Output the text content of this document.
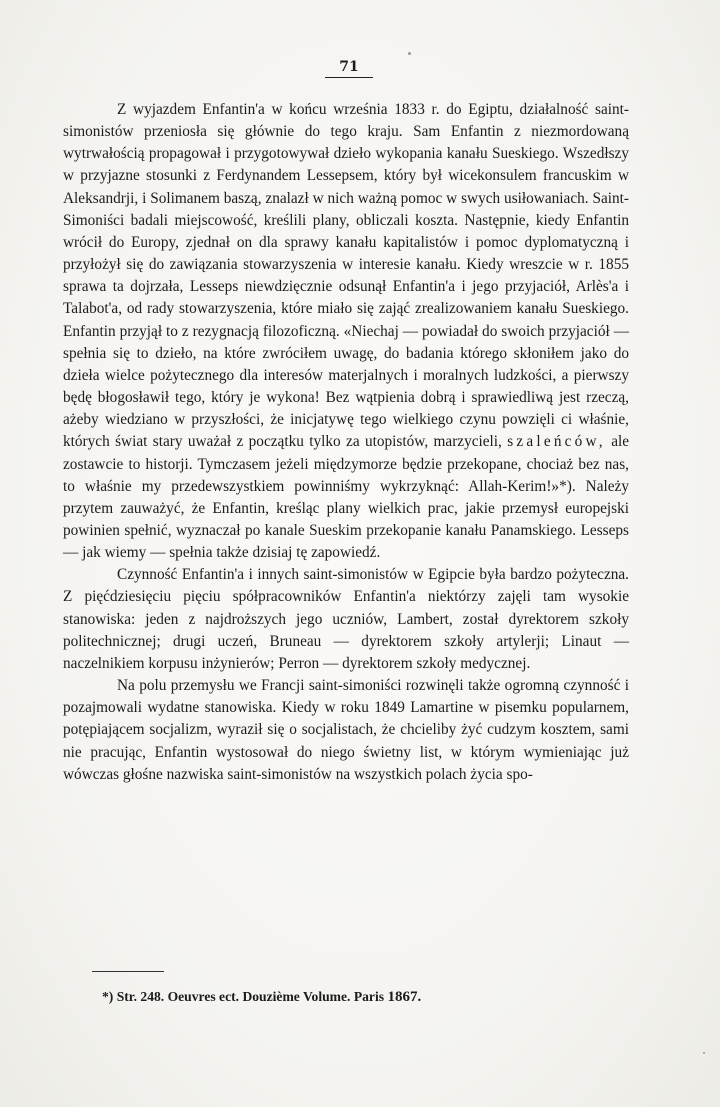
71

Z wyjazdem Enfantin'a w końcu września 1833 r. do Egiptu, działalność saint-simonistów przeniosła się głównie do tego kraju. Sam Enfantin z niezmordowaną wytrwałością propagował i przygotowywał dzieło wykopania kanału Sueskiego. Wszedłszy w przyjazne stosunki z Ferdynandem Lessepsem, który był wicekonsulem francuskim w Aleksandrji, i Solimanem baszą, znalazł w nich ważną pomoc w swych usiłowaniach. Saint-Simoniści badali miejscowość, kreślili plany, obliczali koszta. Następnie, kiedy Enfantin wrócił do Europy, zjednał on dla sprawy kanału kapitalistów i pomoc dyplomatyczną i przyłożył się do zawiązania stowarzyszenia w interesie kanału. Kiedy wreszcie w r. 1855 sprawa ta dojrzała, Lesseps niewdzięcznie odsunął Enfantin'a i jego przyjaciół, Arlès'a i Talabot'a, od rady stowarzyszenia, które miało się zająć zrealizowaniem kanału Sueskiego. Enfantin przyjął to z rezygnacją filozoficzną. «Niechaj — powiadał do swoich przyjaciół — spełnia się to dzieło, na które zwróciłem uwagę, do badania którego skłoniłem jako do dzieła wielce pożytecznego dla interesów materjalnych i moralnych ludzkości, a pierwszy będę błogosławił tego, który je wykona! Bez wątpienia dobrą i sprawiedliwą jest rzeczą, ażeby wiedziano w przyszłości, że inicjatywę tego wielkiego czynu powzięli ci właśnie, których świat stary uważał z początku tylko za utopistów, marzycieli, szaleńców, ale zostawcie to historji. Tymczasem jeżeli międzymorze będzie przekopane, chociaż bez nas, to właśnie my przedewszystkiem powinniśmy wykrzyknąć: Allah-Kerim!»*). Należy przytem zauważyć, że Enfantin, kreśląc plany wielkich prac, jakie przemysł europejski powinien spełnić, wyznaczał po kanale Sueskim przekopanie kanału Panamskiego. Lesseps — jak wiemy — spełnia także dzisiaj tę zapowiedź.

Czynność Enfantin'a i innych saint-simonistów w Egipcie była bardzo pożyteczna. Z pięćdziesięciu pięciu spółpracowników Enfantin'a niektórzy zajęli tam wysokie stanowiska: jeden z najdroższych jego uczniów, Lambert, został dyrektorem szkoły politechnicznej; drugi uczeń, Bruneau — dyrektorem szkoły artylerji; Linaut — naczelnikiem korpusu inżynierów; Perron — dyrektorem szkoły medycznej.

Na polu przemysłu we Francji saint-simoniści rozwinęli także ogromną czynność i pozajmowali wydatne stanowiska. Kiedy w roku 1849 Lamartine w pisemku popularnem, potępiającem socjalizm, wyraził się o socjalistach, że chcieliby żyć cudzym kosztem, sami nie pracując, Enfantin wystosował do niego świetny list, w którym wymieniając już wówczas głośne nazwiska saint-simonistów na wszystkich polach życia spo-

*) Str. 248. Oeuvres ect. Douzième Volume. Paris 1867.
